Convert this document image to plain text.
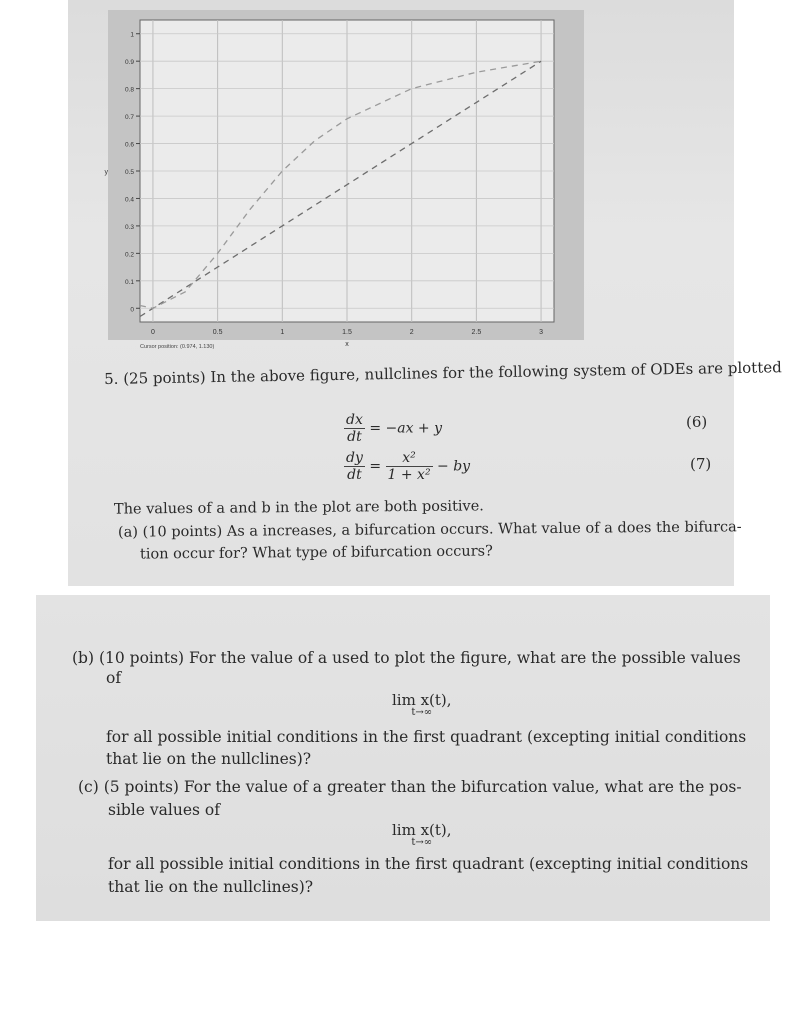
0	0.5	1	1.5	2	2.5	3
0
0.1
0.2
0.3
0.4
0.5
0.6
0.7
0.8
0.9
1
x
y
Cursor position: (0.974, 1.130)
5. (25 points) In the above figure, nullclines for the following system of ODEs are plotted
$\frac{dx}{dt} = -ax + y$	(6)
$\frac{dy}{dt} = \frac{\text{x²}}{\text{1 + x²}}$ − by	(7)
The values of a and b in the plot are both positive.
(a) (10 points) As a increases, a bifurcation occurs. What value of a does the bifurca-
tion occur for? What type of bifurcation occurs?
(b) (10 points) For the value of a used to plot the figure, what are the possible values
of
lim x(t),
t→∞
for all possible initial conditions in the first quadrant (excepting initial conditions
that lie on the nullclines)?
(c) (5 points) For the value of a greater than the bifurcation value, what are the pos-
sible values of
lim x(t),
t→∞
for all possible initial conditions in the first quadrant (excepting initial conditions
that lie on the nullclines)?
